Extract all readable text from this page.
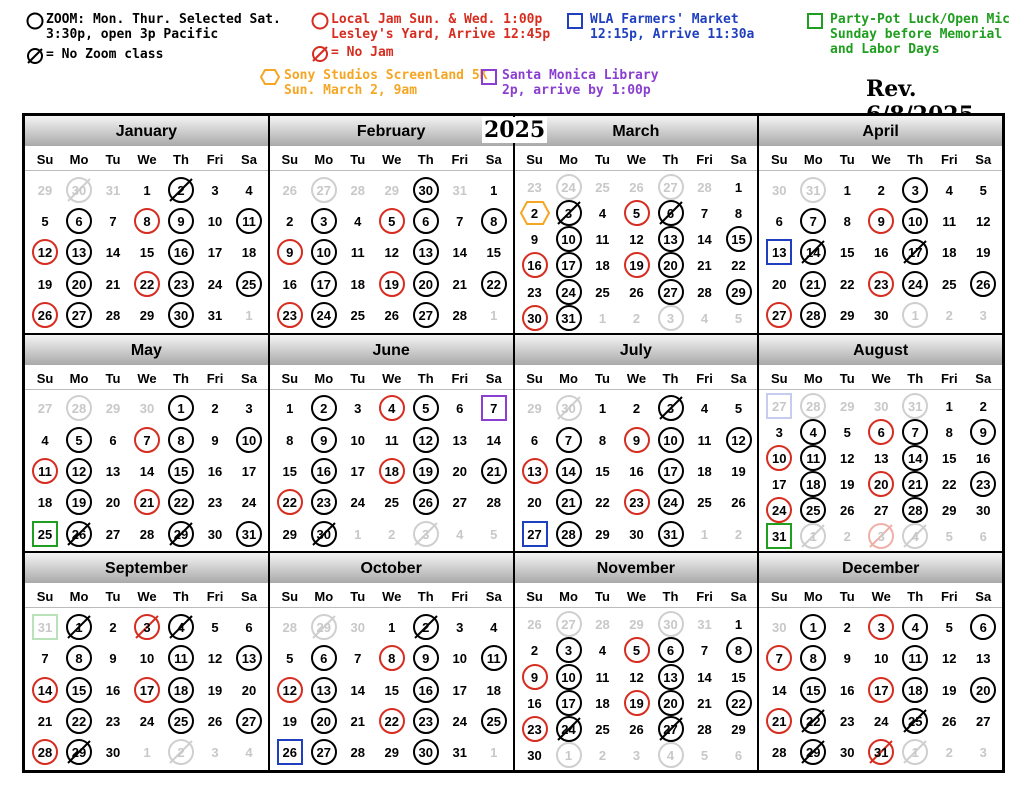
ZOOM: Mon. Thur. Selected Sat.
3:30p, open 3p Pacific
= No Zoom class
Local Jam Sun. & Wed. 1:00p
Lesley's Yard, Arrive 12:45p
= No Jam
WLA Farmers' Market
12:15p, Arrive 11:30a
Party-Pot Luck/Open Mic
Sunday before Memorial
and Labor Days
Sony Studios Screenland 5K
Sun. March 2, 9am
Santa Monica Library
2p, arrive by 1:00p	Rev.
January
Su	Mo	Tu	We	Th	Fri	Sa
29	30	31	1	2	3	4
5	6	7	8	9	10	11
12	13	14	15	16	17	18
19	20	21	22	23	24	25
26	27	28	29	30	31	1
February
Su	Mo	Tu	We	Th	Fri	Sa
26	27	28	29	30	31	1
2	3	4	5	6	7	8
9	10	11	12	13	14	15
16	17	18	19	20	21	22
23	24	25	26	27	28	1
March
Su	Mo	Tu	We	Th	Fri	Sa
23	24	25	26	27	28	1
2	3	4	5	6	7	8
9	10	11	12	13	14	15
16	17	18	19	20	21	22
23	24	25	26	27	28	29
30	31	1	2	3	4	5
April
Su	Mo	Tu	We	Th	Fri	Sa
30	31	1	2	3	4	5
6	7	8	9	10	11	12
13	14	15	16	17	18	19
20	21	22	23	24	25	26
27	28	29	30	1	2	3
May
Su	Mo	Tu	We	Th	Fri	Sa
27	28	29	30	1	2	3
4	5	6	7	8	9	10
11	12	13	14	15	16	17
18	19	20	21	22	23	24
25	26	27	28	29	30	31
June
Su	Mo	Tu	We	Th	Fri	Sa
1	2	3	4	5	6	7
8	9	10	11	12	13	14
15	16	17	18	19	20	21
22	23	24	25	26	27	28
29	30	1	2	3	4	5
July
Su	Mo	Tu	We	Th	Fri	Sa
29	30	1	2	3	4	5
6	7	8	9	10	11	12
13	14	15	16	17	18	19
20	21	22	23	24	25	26
27	28	29	30	31	1	2
August
Su	Mo	Tu	We	Th	Fri	Sa
27	28	29	30	31	1	2
3	4	5	6	7	8	9
10	11	12	13	14	15	16
17	18	19	20	21	22	23
24	25	26	27	28	29	30
31	1	2	3	4	5	6
September
Su	Mo	Tu	We	Th	Fri	Sa
31	1	2	3	4	5	6
7	8	9	10	11	12	13
14	15	16	17	18	19	20
21	22	23	24	25	26	27
28	29	30	1	2	3	4
October
Su	Mo	Tu	We	Th	Fri	Sa
28	29	30	1	2	3	4
5	6	7	8	9	10	11
12	13	14	15	16	17	18
19	20	21	22	23	24	25
26	27	28	29	30	31	1
November
Su	Mo	Tu	We	Th	Fri	Sa
26	27	28	29	30	31	1
2	3	4	5	6	7	8
9	10	11	12	13	14	15
16	17	18	19	20	21	22
23	24	25	26	27	28	29
30	1	2	3	4	5	6
December
Su	Mo	Tu	We	Th	Fri	Sa
30	1	2	3	4	5	6
7	8	9	10	11	12	13
14	15	16	17	18	19	20
21	22	23	24	25	26	27
28	29	30	31	1	2	3
2025
